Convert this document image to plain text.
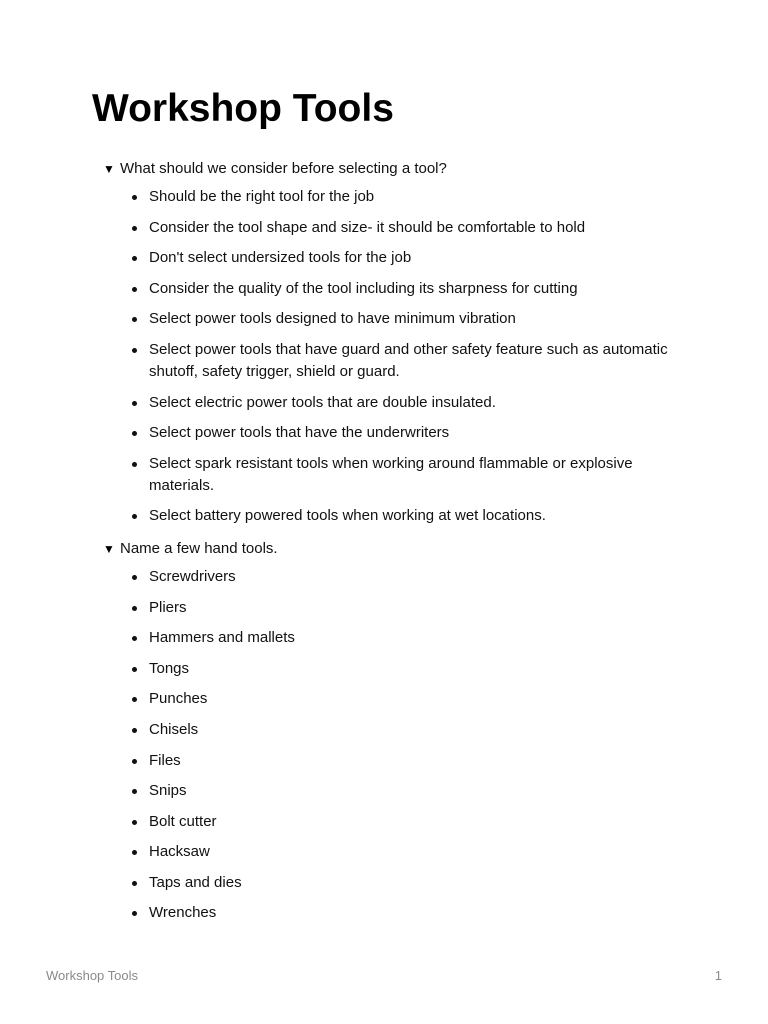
Workshop Tools
▼ What should we consider before selecting a tool?
Should be the right tool for the job
Consider the tool shape and size- it should be comfortable to hold
Don't select undersized tools for the job
Consider the quality of the tool including its sharpness for cutting
Select power tools designed to have minimum vibration
Select power tools that have guard and other safety feature such as automatic shutoff, safety trigger, shield or guard.
Select electric power tools that are double insulated.
Select power tools that have the underwriters
Select spark resistant tools when working around flammable or explosive materials.
Select battery powered tools when working at wet locations.
▼ Name a few hand tools.
Screwdrivers
Pliers
Hammers and mallets
Tongs
Punches
Chisels
Files
Snips
Bolt cutter
Hacksaw
Taps and dies
Wrenches
Workshop Tools	1
